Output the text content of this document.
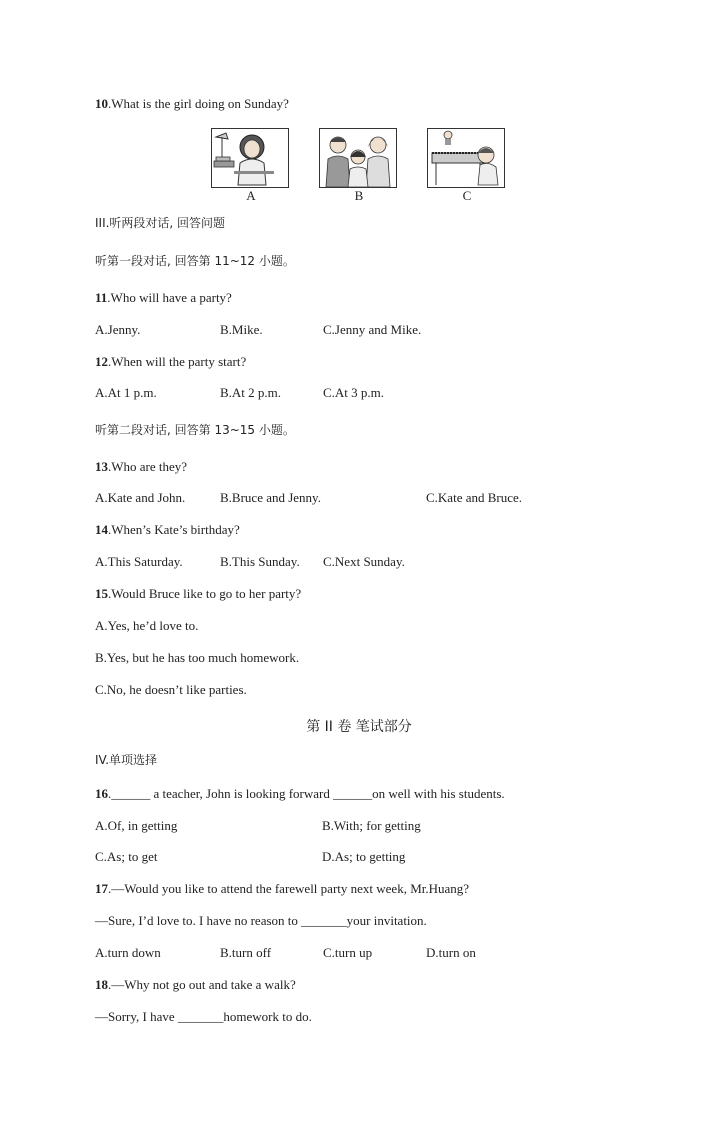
10.What is the girl doing on Sunday?
A	B	C
III.听两段对话, 回答问题
听第一段对话, 回答第 11~12 小题。
11.Who will have a party?
A.Jenny.	B.Mike.	C.Jenny and Mike.
12.When will the party start?
A.At 1 p.m.	B.At 2 p.m.	C.At 3 p.m.
听第二段对话, 回答第 13~15 小题。
13.Who are they?
A.Kate and John.	B.Bruce and Jenny.	C.Kate and Bruce.
14.When’s Kate’s birthday?
A.This Saturday.	B.This Sunday. C.Next Sunday.
15.Would Bruce like to go to her party?
A.Yes, he’d love to.
B.Yes, but he has too much homework.
C.No, he doesn’t like parties.
第 II 卷 笔试部分
IV.单项选择
16.______ a teacher, John is looking forward ______on well with his students.
A.Of, in getting	B.With; for getting
C.As; to get	D.As; to getting
17.—Would you like to attend the farewell party next week, Mr.Huang?
—Sure, I’d love to. I have no reason to _______your invitation.
A.turn down	B.turn off	C.turn up	D.turn on
18.—Why not go out and take a walk?
—Sorry, I have _______homework to do.
